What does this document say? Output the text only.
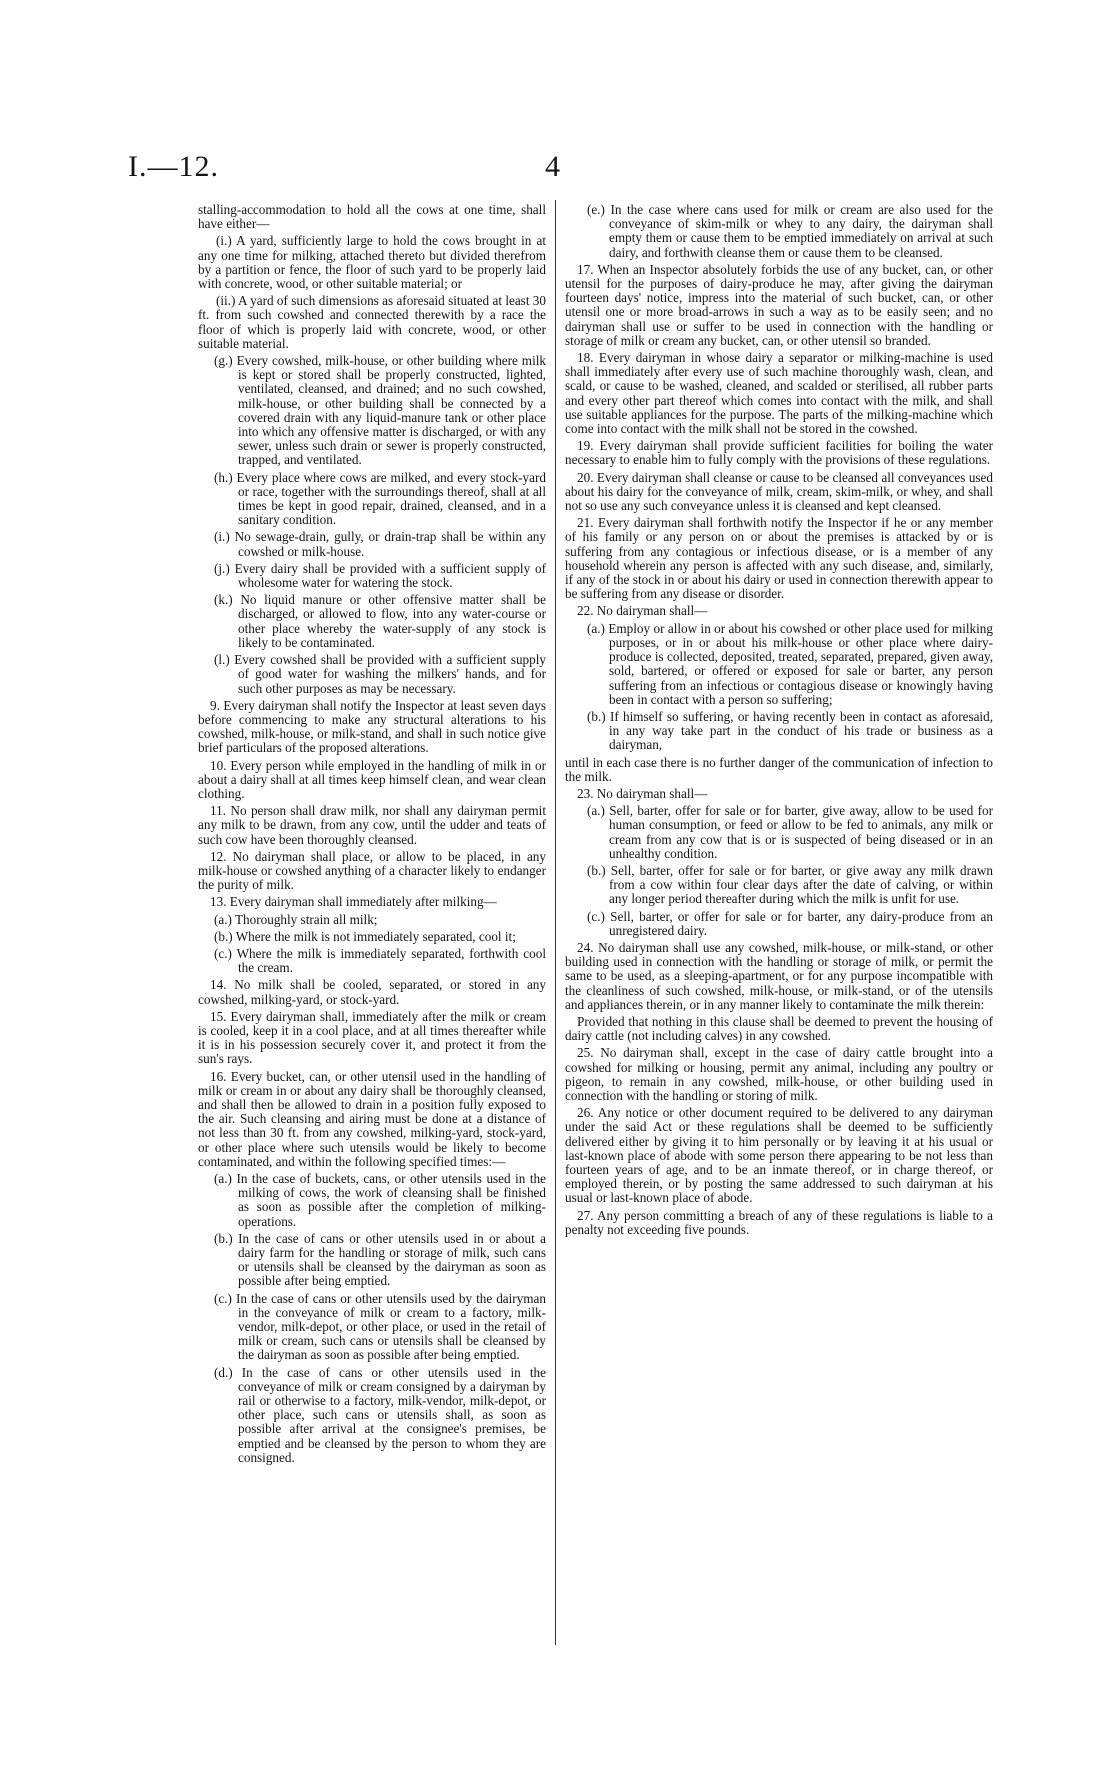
I.—12.	4
stalling-accommodation to hold all the cows at one time, shall have either—
(i.) A yard, sufficiently large to hold the cows brought in at any one time for milking, attached thereto but divided therefrom by a partition or fence, the floor of such yard to be properly laid with concrete, wood, or other suitable material; or
(ii.) A yard of such dimensions as aforesaid situated at least 30 ft. from such cowshed and connected therewith by a race the floor of which is properly laid with concrete, wood, or other suitable material.
(g.) Every cowshed, milk-house, or other building where milk is kept or stored shall be properly constructed, lighted, ventilated, cleansed, and drained; and no such cowshed, milk-house, or other building shall be connected by a covered drain with any liquid-manure tank or other place into which any offensive matter is discharged, or with any sewer, unless such drain or sewer is properly constructed, trapped, and ventilated.
(h.) Every place where cows are milked, and every stock-yard or race, together with the surroundings thereof, shall at all times be kept in good repair, drained, cleansed, and in a sanitary condition.
(i.) No sewage-drain, gully, or drain-trap shall be within any cowshed or milk-house.
(j.) Every dairy shall be provided with a sufficient supply of wholesome water for watering the stock.
(k.) No liquid manure or other offensive matter shall be discharged, or allowed to flow, into any water-course or other place whereby the water-supply of any stock is likely to be contaminated.
(l.) Every cowshed shall be provided with a sufficient supply of good water for washing the milkers' hands, and for such other purposes as may be necessary.
9. Every dairyman shall notify the Inspector at least seven days before commencing to make any structural alterations to his cowshed, milk-house, or milk-stand, and shall in such notice give brief particulars of the proposed alterations.
10. Every person while employed in the handling of milk in or about a dairy shall at all times keep himself clean, and wear clean clothing.
11. No person shall draw milk, nor shall any dairyman permit any milk to be drawn, from any cow, until the udder and teats of such cow have been thoroughly cleansed.
12. No dairyman shall place, or allow to be placed, in any milk-house or cowshed anything of a character likely to endanger the purity of milk.
13. Every dairyman shall immediately after milking—
(a.) Thoroughly strain all milk;
(b.) Where the milk is not immediately separated, cool it;
(c.) Where the milk is immediately separated, forthwith cool the cream.
14. No milk shall be cooled, separated, or stored in any cowshed, milking-yard, or stock-yard.
15. Every dairyman shall, immediately after the milk or cream is cooled, keep it in a cool place, and at all times thereafter while it is in his possession securely cover it, and protect it from the sun's rays.
16. Every bucket, can, or other utensil used in the handling of milk or cream in or about any dairy shall be thoroughly cleansed, and shall then be allowed to drain in a position fully exposed to the air. Such cleansing and airing must be done at a distance of not less than 30 ft. from any cowshed, milking-yard, stock-yard, or other place where such utensils would be likely to become contaminated, and within the following specified times:—
(a.) In the case of buckets, cans, or other utensils used in the milking of cows, the work of cleansing shall be finished as soon as possible after the completion of milking-operations.
(b.) In the case of cans or other utensils used in or about a dairy farm for the handling or storage of milk, such cans or utensils shall be cleansed by the dairyman as soon as possible after being emptied.
(c.) In the case of cans or other utensils used by the dairyman in the conveyance of milk or cream to a factory, milk-vendor, milk-depot, or other place, or used in the retail of milk or cream, such cans or utensils shall be cleansed by the dairyman as soon as possible after being emptied.
(d.) In the case of cans or other utensils used in the conveyance of milk or cream consigned by a dairyman by rail or otherwise to a factory, milk-vendor, milk-depot, or other place, such cans or utensils shall, as soon as possible after arrival at the consignee's premises, be emptied and be cleansed by the person to whom they are consigned.
(e.) In the case where cans used for milk or cream are also used for the conveyance of skim-milk or whey to any dairy, the dairyman shall empty them or cause them to be emptied immediately on arrival at such dairy, and forthwith cleanse them or cause them to be cleansed.
17. When an Inspector absolutely forbids the use of any bucket, can, or other utensil for the purposes of dairy-produce he may, after giving the dairyman fourteen days' notice, impress into the material of such bucket, can, or other utensil one or more broad-arrows in such a way as to be easily seen; and no dairyman shall use or suffer to be used in connection with the handling or storage of milk or cream any bucket, can, or other utensil so branded.
18. Every dairyman in whose dairy a separator or milking-machine is used shall immediately after every use of such machine thoroughly wash, clean, and scald, or cause to be washed, cleaned, and scalded or sterilised, all rubber parts and every other part thereof which comes into contact with the milk, and shall use suitable appliances for the purpose. The parts of the milking-machine which come into contact with the milk shall not be stored in the cowshed.
19. Every dairyman shall provide sufficient facilities for boiling the water necessary to enable him to fully comply with the provisions of these regulations.
20. Every dairyman shall cleanse or cause to be cleansed all conveyances used about his dairy for the conveyance of milk, cream, skim-milk, or whey, and shall not so use any such conveyance unless it is cleansed and kept cleansed.
21. Every dairyman shall forthwith notify the Inspector if he or any member of his family or any person on or about the premises is attacked by or is suffering from any contagious or infectious disease, or is a member of any household wherein any person is affected with any such disease, and, similarly, if any of the stock in or about his dairy or used in connection therewith appear to be suffering from any disease or disorder.
22. No dairyman shall—
(a.) Employ or allow in or about his cowshed or other place used for milking purposes, or in or about his milk-house or other place where dairy-produce is collected, deposited, treated, separated, prepared, given away, sold, bartered, or offered or exposed for sale or barter, any person suffering from an infectious or contagious disease or knowingly having been in contact with a person so suffering;
(b.) If himself so suffering, or having recently been in contact as aforesaid, in any way take part in the conduct of his trade or business as a dairyman,
until in each case there is no further danger of the communication of infection to the milk.
23. No dairyman shall—
(a.) Sell, barter, offer for sale or for barter, give away, allow to be used for human consumption, or feed or allow to be fed to animals, any milk or cream from any cow that is or is suspected of being diseased or in an unhealthy condition.
(b.) Sell, barter, offer for sale or for barter, or give away any milk drawn from a cow within four clear days after the date of calving, or within any longer period thereafter during which the milk is unfit for use.
(c.) Sell, barter, or offer for sale or for barter, any dairy-produce from an unregistered dairy.
24. No dairyman shall use any cowshed, milk-house, or milk-stand, or other building used in connection with the handling or storage of milk, or permit the same to be used, as a sleeping-apartment, or for any purpose incompatible with the cleanliness of such cowshed, milk-house, or milk-stand, or of the utensils and appliances therein, or in any manner likely to contaminate the milk therein:
Provided that nothing in this clause shall be deemed to prevent the housing of dairy cattle (not including calves) in any cowshed.
25. No dairyman shall, except in the case of dairy cattle brought into a cowshed for milking or housing, permit any animal, including any poultry or pigeon, to remain in any cowshed, milk-house, or other building used in connection with the handling or storing of milk.
26. Any notice or other document required to be delivered to any dairyman under the said Act or these regulations shall be deemed to be sufficiently delivered either by giving it to him personally or by leaving it at his usual or last-known place of abode with some person there appearing to be not less than fourteen years of age, and to be an inmate thereof, or in charge thereof, or employed therein, or by posting the same addressed to such dairyman at his usual or last-known place of abode.
27. Any person committing a breach of any of these regulations is liable to a penalty not exceeding five pounds.
